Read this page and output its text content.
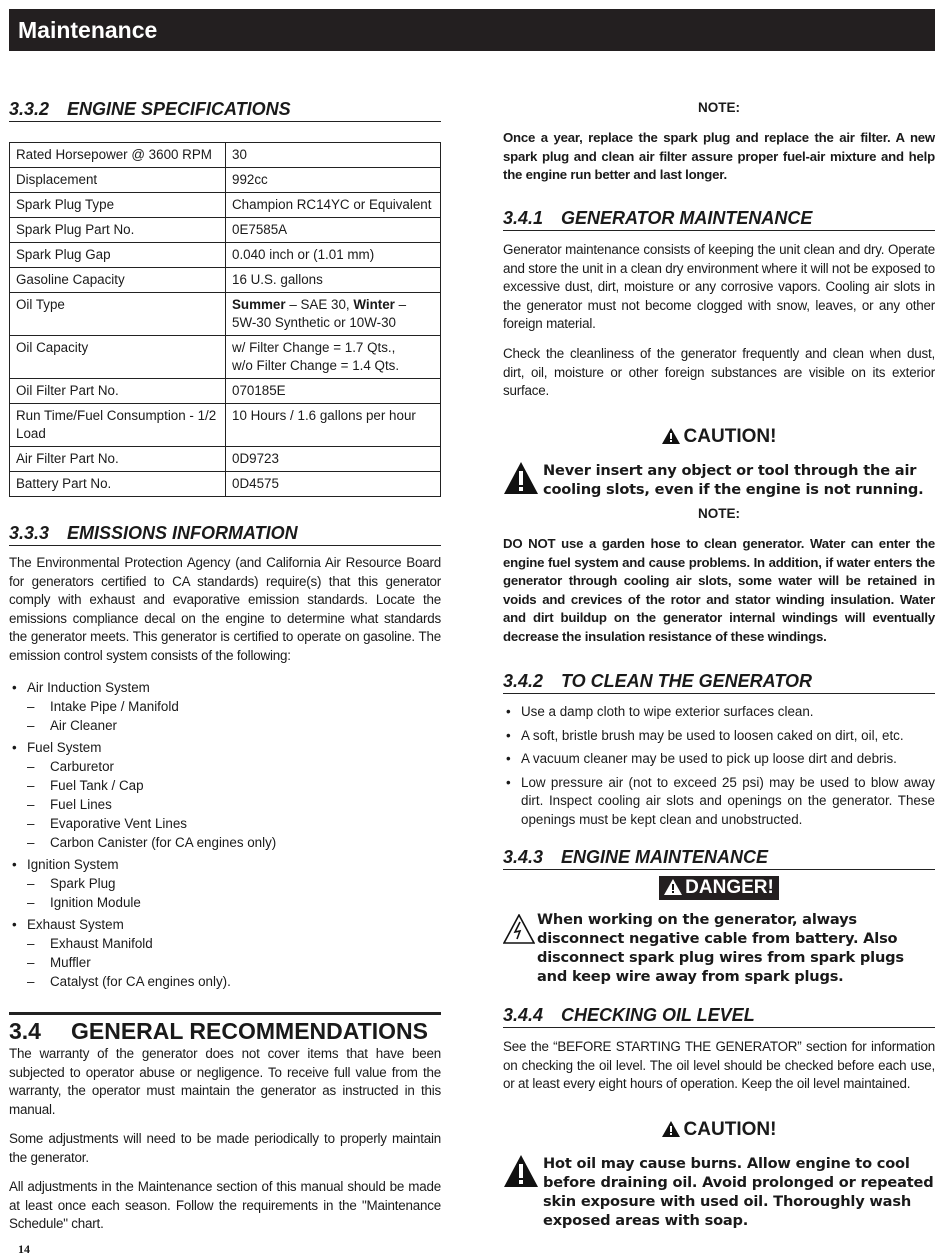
Maintenance
3.3.2 ENGINE SPECIFICATIONS
Rated Horsepower @ 3600 RPM	30
Displacement	992cc
Spark Plug Type	Champion RC14YC or Equivalent
Spark Plug Part No.	0E7585A
Spark Plug Gap	0.040 inch or (1.01 mm)
Gasoline Capacity	16 U.S. gallons
Oil Type	Summer – SAE 30, Winter – 5W-30 Synthetic or 10W-30
Oil Capacity	w/ Filter Change = 1.7 Qts.,
w/o Filter Change = 1.4 Qts.

Oil Filter Part No.	070185E
Run Time/Fuel Consumption - 1/2 Load	10 Hours / 1.6 gallons per hour
Air Filter Part No.	0D9723
Battery Part No.	0D4575
3.3.3 EMISSIONS INFORMATION
The Environmental Protection Agency (and California Air Resource Board for generators certified to CA standards) require(s) that this generator comply with exhaust and evaporative emission standards. Locate the emissions compliance decal on the engine to determine what standards the generator meets. This generator is certified to operate on gasoline. The emission control system consists of the following:
• Air Induction System
– Intake Pipe / Manifold
– Air Cleaner
• Fuel System
– Carburetor
– Fuel Tank / Cap
– Fuel Lines
– Evaporative Vent Lines
– Carbon Canister (for CA engines only)
• Ignition System
– Spark Plug
– Ignition Module
• Exhaust System
– Exhaust Manifold
– Muffler
– Catalyst (for CA engines only).
3.4 GENERAL RECOMMENDATIONS
The warranty of the generator does not cover items that have been subjected to operator abuse or negligence. To receive full value from the warranty, the operator must maintain the generator as instructed in this manual.
Some adjustments will need to be made periodically to properly maintain the generator.
All adjustments in the Maintenance section of this manual should be made at least once each season. Follow the requirements in the "Maintenance Schedule" chart.
NOTE:
Once a year, replace the spark plug and replace the air filter. A new spark plug and clean air filter assure proper fuel-air mixture and help the engine run better and last longer.
3.4.1 GENERATOR MAINTENANCE
Generator maintenance consists of keeping the unit clean and dry. Operate and store the unit in a clean dry environment where it will not be exposed to excessive dust, dirt, moisture or any corrosive vapors. Cooling air slots in the generator must not become clogged with snow, leaves, or any other foreign material.
Check the cleanliness of the generator frequently and clean when dust, dirt, oil, moisture or other foreign substances are visible on its exterior surface.
CAUTION!
Never insert any object or tool through the air cooling slots, even if the engine is not running.
NOTE:
DO NOT use a garden hose to clean generator. Water can enter the engine fuel system and cause problems. In addition, if water enters the generator through cooling air slots, some water will be retained in voids and crevices of the rotor and stator winding insulation. Water and dirt buildup on the generator internal windings will eventually decrease the insulation resistance of these windings.
3.4.2 TO CLEAN THE GENERATOR
• Use a damp cloth to wipe exterior surfaces clean.
• A soft, bristle brush may be used to loosen caked on dirt, oil, etc.
• A vacuum cleaner may be used to pick up loose dirt and debris.
• Low pressure air (not to exceed 25 psi) may be used to blow away dirt. Inspect cooling air slots and openings on the generator. These openings must be kept clean and unobstructed.
3.4.3 ENGINE MAINTENANCE
DANGER!
When working on the generator, always disconnect negative cable from battery. Also disconnect spark plug wires from spark plugs and keep wire away from spark plugs.
3.4.4 CHECKING OIL LEVEL
See the “BEFORE STARTING THE GENERATOR” section for information on checking the oil level. The oil level should be checked before each use, or at least every eight hours of operation. Keep the oil level maintained.
CAUTION!
Hot oil may cause burns. Allow engine to cool before draining oil. Avoid prolonged or repeated skin exposure with used oil. Thoroughly wash exposed areas with soap.
14
